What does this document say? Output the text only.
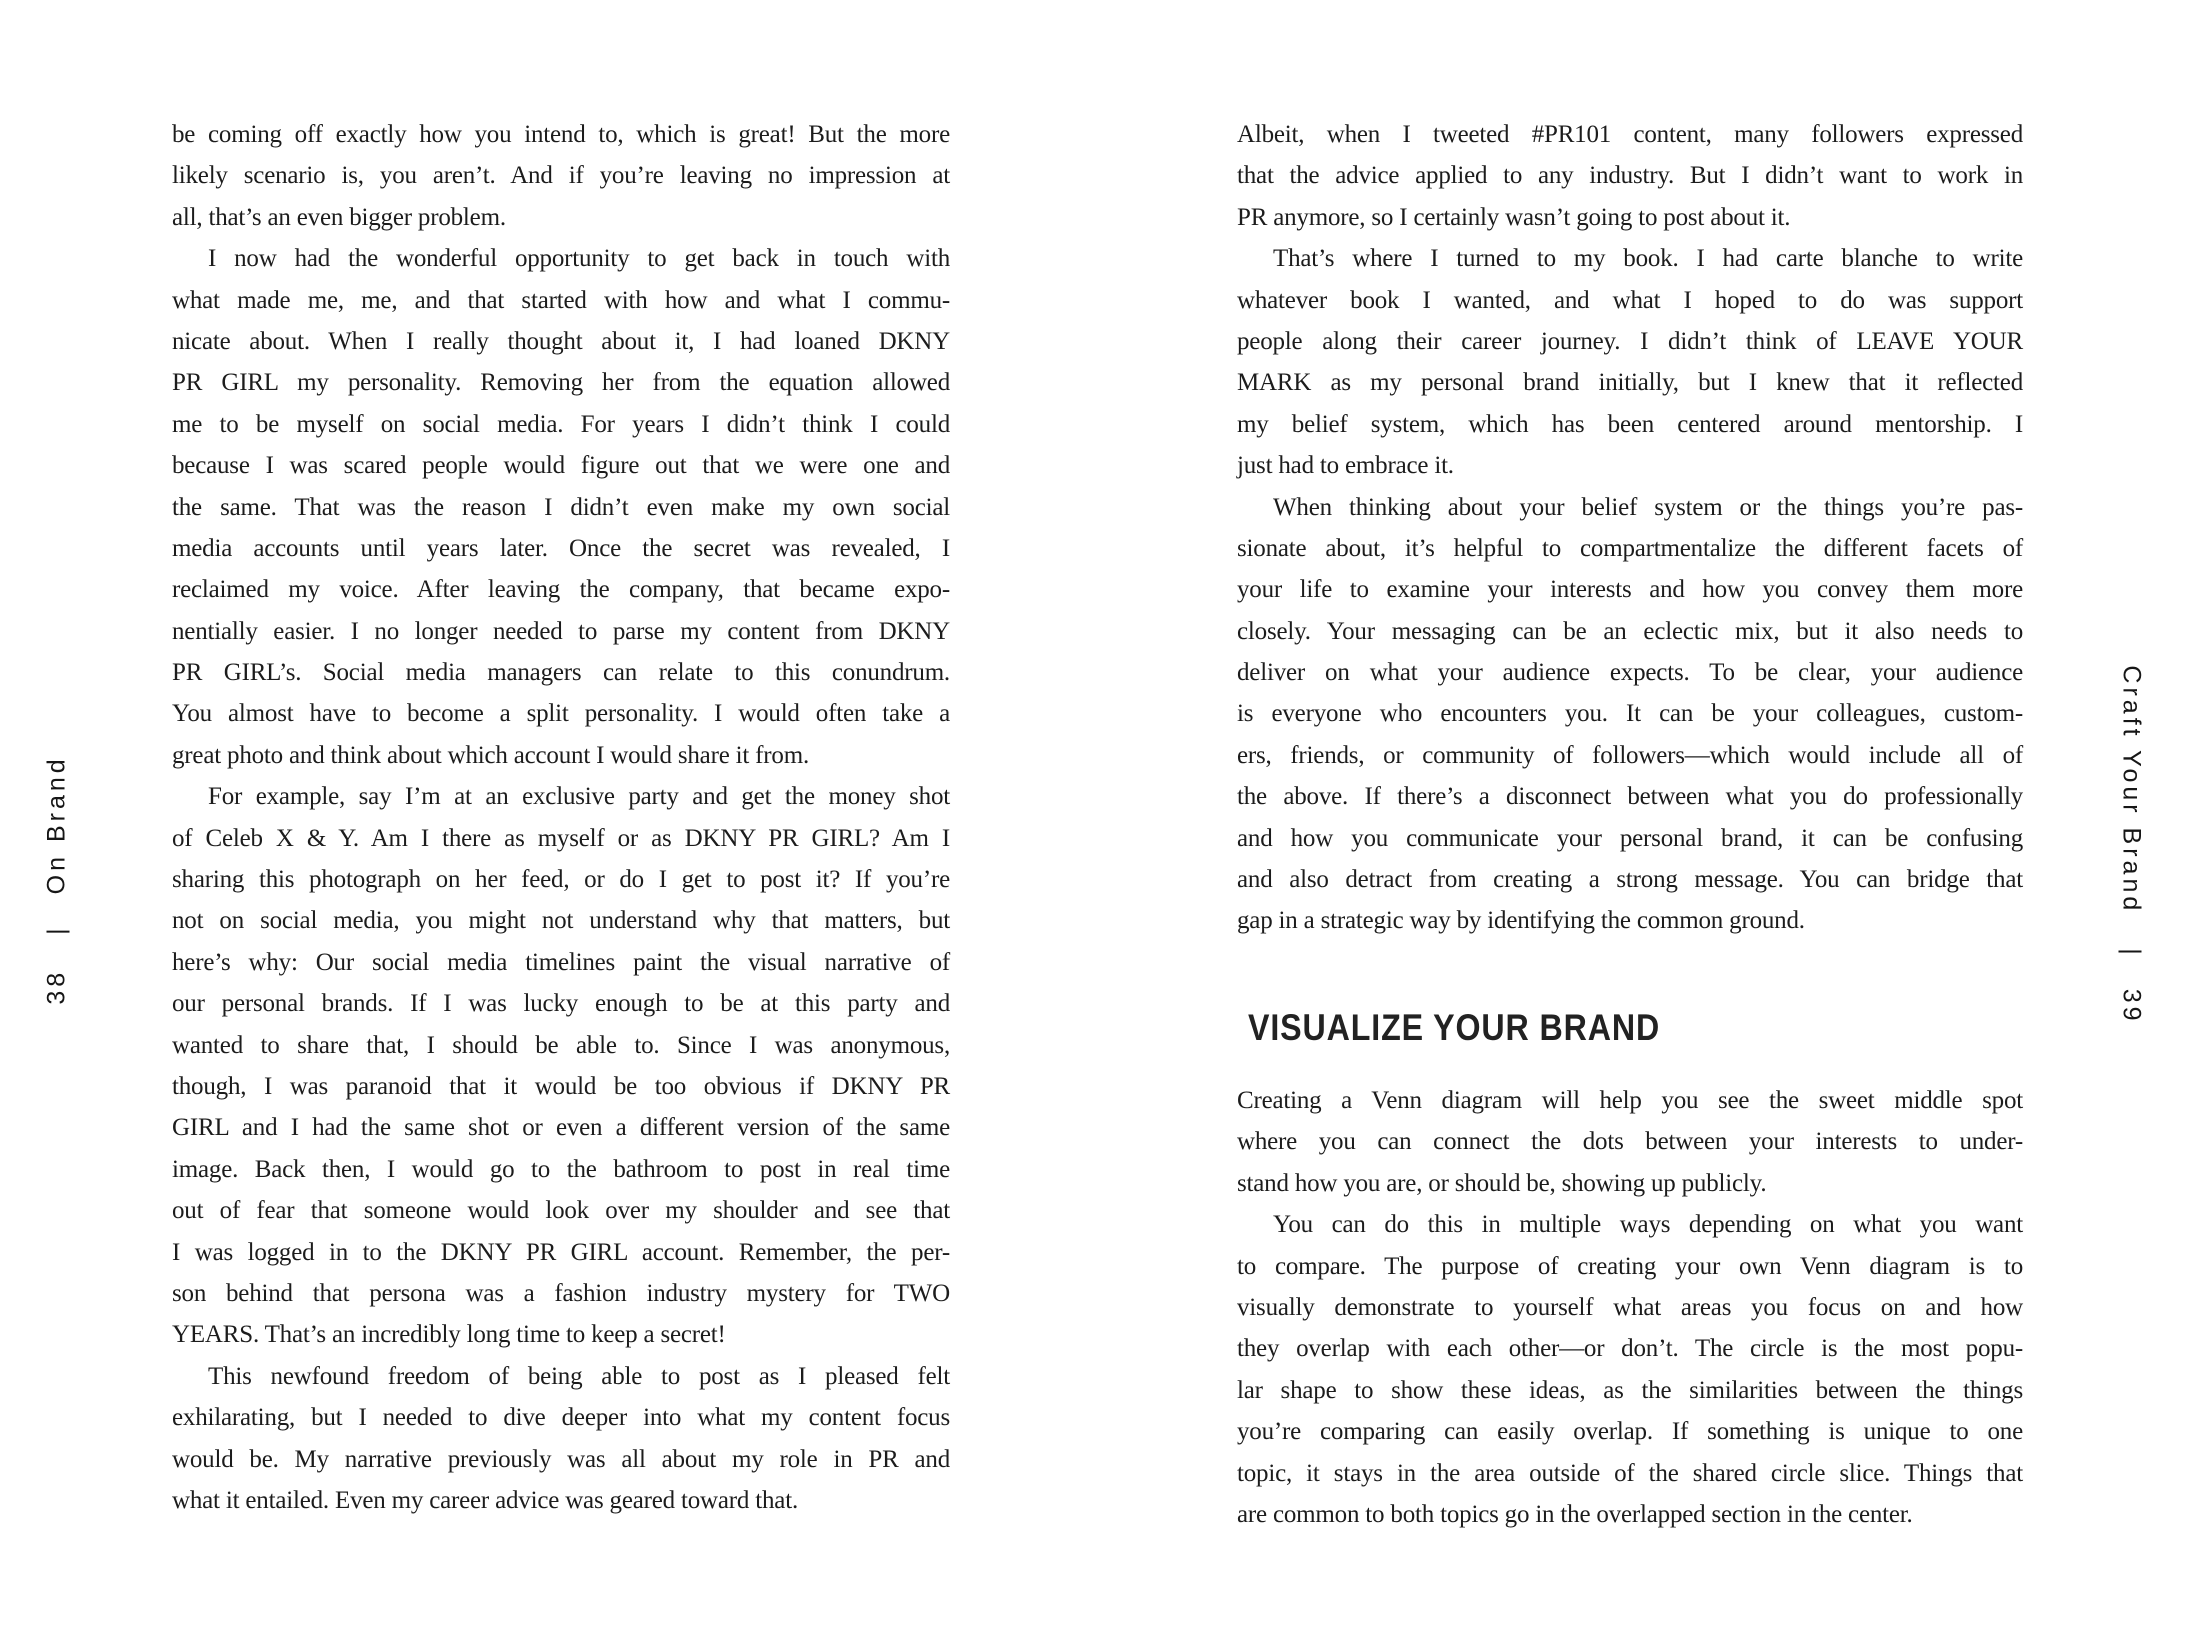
be coming off exactly how you intend to, which is great! But the more
likely scenario is, you aren’t. And if you’re leaving no impression at
all, that’s an even bigger problem.
I now had the wonderful opportunity to get back in touch with
what made me, me, and that started with how and what I commu-
nicate about. When I really thought about it, I had loaned DKNY
PR GIRL my personality. Removing her from the equation allowed
me to be myself on social media. For years I didn’t think I could
because I was scared people would figure out that we were one and
the same. That was the reason I didn’t even make my own social
media accounts until years later. Once the secret was revealed, I
reclaimed my voice. After leaving the company, that became expo-
nentially easier. I no longer needed to parse my content from DKNY
PR GIRL’s. Social media managers can relate to this conundrum.
You almost have to become a split personality. I would often take a
great photo and think about which account I would share it from.
For example, say I’m at an exclusive party and get the money shot
of Celeb X & Y. Am I there as myself or as DKNY PR GIRL? Am I
sharing this photograph on her feed, or do I get to post it? If you’re
not on social media, you might not understand why that matters, but
here’s why: Our social media timelines paint the visual narrative of
our personal brands. If I was lucky enough to be at this party and
wanted to share that, I should be able to. Since I was anonymous,
though, I was paranoid that it would be too obvious if DKNY PR
GIRL and I had the same shot or even a different version of the same
image. Back then, I would go to the bathroom to post in real time
out of fear that someone would look over my shoulder and see that
I was logged in to the DKNY PR GIRL account. Remember, the per-
son behind that persona was a fashion industry mystery for TWO
YEARS. That’s an incredibly long time to keep a secret!
This newfound freedom of being able to post as I pleased felt
exhilarating, but I needed to dive deeper into what my content focus
would be. My narrative previously was all about my role in PR and
what it entailed. Even my career advice was geared toward that.
38
|
On Brand
Albeit, when I tweeted #PR101 content, many followers expressed
that the advice applied to any industry. But I didn’t want to work in
PR anymore, so I certainly wasn’t going to post about it.
That’s where I turned to my book. I had carte blanche to write
whatever book I wanted, and what I hoped to do was support
people along their career journey. I didn’t think of LEAVE YOUR
MARK as my personal brand initially, but I knew that it reflected
my belief system, which has been centered around mentorship. I
just had to embrace it.
When thinking about your belief system or the things you’re pas-
sionate about, it’s helpful to compartmentalize the different facets of
your life to examine your interests and how you convey them more
closely. Your messaging can be an eclectic mix, but it also needs to
deliver on what your audience expects. To be clear, your audience
is everyone who encounters you. It can be your colleagues, custom-
ers, friends, or community of followers—which would include all of
the above. If there’s a disconnect between what you do professionally
and how you communicate your personal brand, it can be confusing
and also detract from creating a strong message. You can bridge that
gap in a strategic way by identifying the common ground.
VISUALIZE YOUR BRAND
Creating a Venn diagram will help you see the sweet middle spot
where you can connect the dots between your interests to under-
stand how you are, or should be, showing up publicly.
You can do this in multiple ways depending on what you want
to compare. The purpose of creating your own Venn diagram is to
visually demonstrate to yourself what areas you focus on and how
they overlap with each other—or don’t. The circle is the most popu-
lar shape to show these ideas, as the similarities between the things
you’re comparing can easily overlap. If something is unique to one
topic, it stays in the area outside of the shared circle slice. Things that
are common to both topics go in the overlapped section in the center.
Craft Your Brand
|
39
